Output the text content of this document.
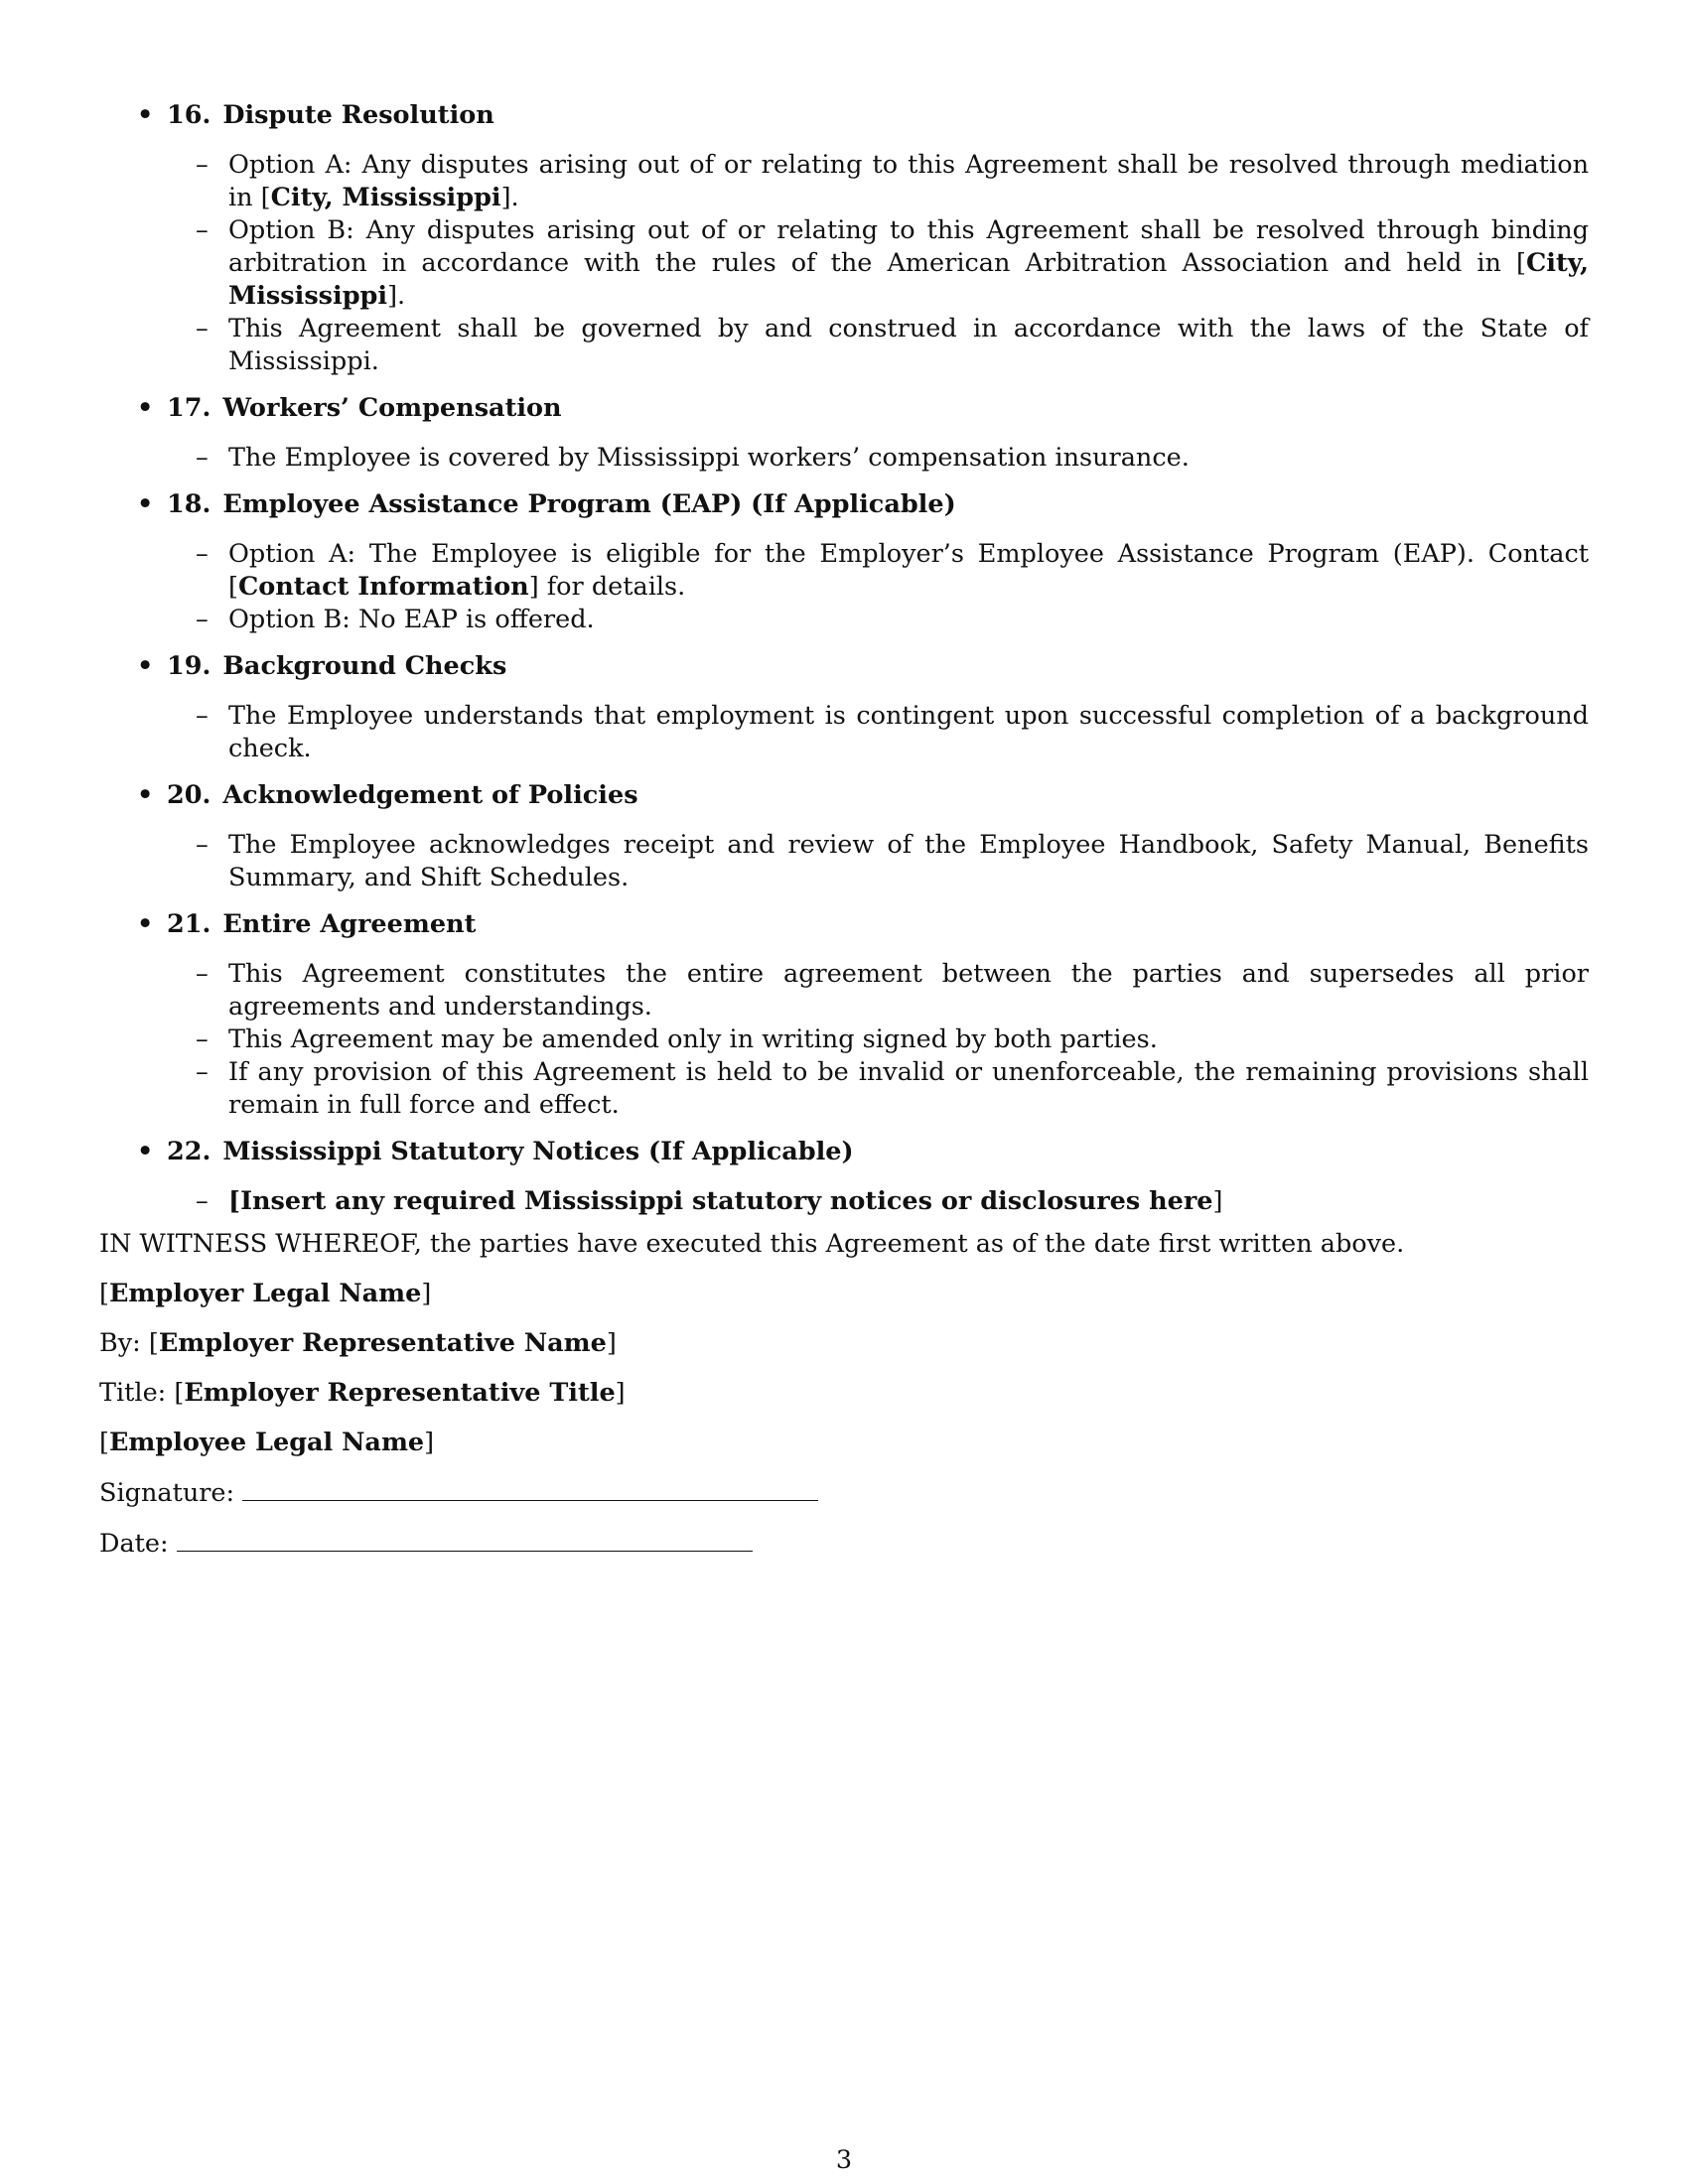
• 16. Dispute Resolution
– Option A: Any disputes arising out of or relating to this Agreement shall be resolved through mediation in [City, Mississippi].
– Option B: Any disputes arising out of or relating to this Agreement shall be resolved through binding arbitration in accordance with the rules of the American Arbitration Association and held in [City, Mississippi].
– This Agreement shall be governed by and construed in accordance with the laws of the State of Mississippi.
• 17. Workers’ Compensation
– The Employee is covered by Mississippi workers’ compensation insurance.
• 18. Employee Assistance Program (EAP) (If Applicable)
– Option A: The Employee is eligible for the Employer’s Employee Assistance Program (EAP). Contact [Contact Information] for details.
– Option B: No EAP is offered.
• 19. Background Checks
– The Employee understands that employment is contingent upon successful completion of a background check.
• 20. Acknowledgement of Policies
– The Employee acknowledges receipt and review of the Employee Handbook, Safety Manual, Benefits Summary, and Shift Schedules.
• 21. Entire Agreement
– This Agreement constitutes the entire agreement between the parties and supersedes all prior agreements and understandings.
– This Agreement may be amended only in writing signed by both parties.
– If any provision of this Agreement is held to be invalid or unenforceable, the remaining provisions shall remain in full force and effect.
• 22. Mississippi Statutory Notices (If Applicable)
– [Insert any required Mississippi statutory notices or disclosures here]

IN WITNESS WHEREOF, the parties have executed this Agreement as of the date first written above.

[Employer Legal Name]

By: [Employer Representative Name]

Title: [Employer Representative Title]

[Employee Legal Name]

Signature:

Date:

3
